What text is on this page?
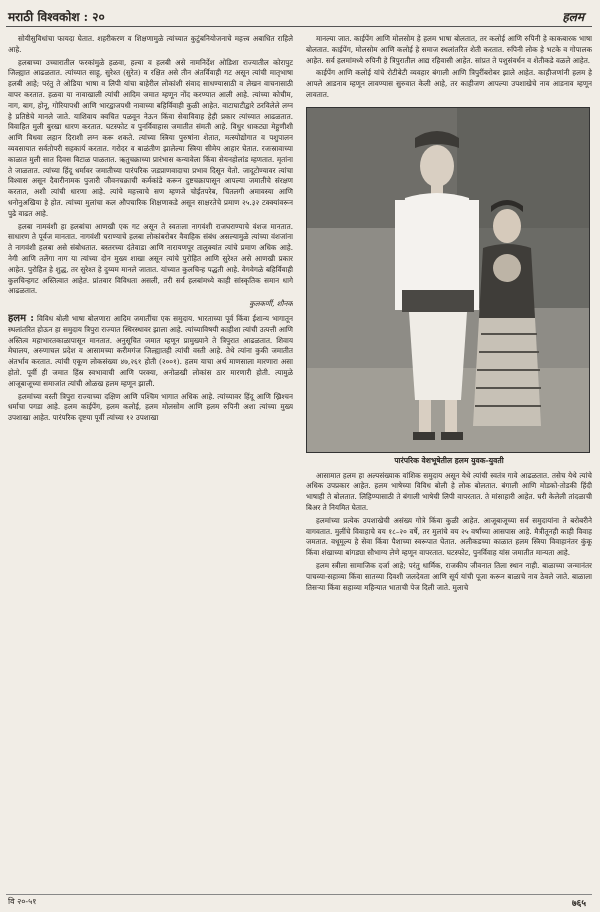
मराठी विश्वकोश : २०	हलम

सोयीसुविधांचा फायदा घेतात. शहरीकरण व शिक्षणामुळे त्यांच्यात कुटुंबनियोजनाचे महत्त्व अबाधित राहिले आहे.

हलबाच्या उच्चारातील फरकांमुळे हळवा, हल्वा व हलबी असे नामनिर्देश ओडिशा राज्यातील कोरापुट जिल्ह्यात आढळतात. त्यांच्यात साहू, सुरेश्त (सुरेत) व रक्षित असे तीन अंतर्विवाही गट असून त्यांची मातृभाषा हलबी आहे; परंतु ते ओडिया भाषा व लिपी यांचा बाहेरील लोकांशी संवाद साधण्यासाठी व लेखन वाचनासाठी वापर करतात. हळवा या नावाखाली त्यांची आदिम जमात म्हणून नोंद करण्यात आली आहे. त्यांच्या कोचीम, नाग, बाग, होनू, गोरियापधी आणि भारद्वाजपधी नावाच्या बहिर्विवाही कुळी आहेत. वाटाघाटीद्वारे ठरविलेले लग्न हे प्रतिष्ठेचे मानले जाते. याशिवाय क्वचित पळवून नेऊन किंवा सेवाविवाह हेही प्रकार त्यांच्यात आढळतात. विवाहित मुली बुरखा धारण करतात. घटस्फोट व पुनर्विवाहास जमातीत संमती आहे. विधुर धाकट्या मेहुणीशी आणि विधवा लहान दिराशी लग्न करू शकते. त्यांच्या स्त्रिया पुरुषांना शेतात, मत्स्योद्योगात व पशुपालन व्यवसायात सर्वतोपरी सहकार्य करतात. गरोदर व बाळंतीण झालेल्या स्त्रिया सीमेय आहार घेतात. रजःस्रावाच्या काळात मुली सात दिवस विटाळ पाळतात. ऋतुचक्राच्या प्रारंभास कन्यावेला किंवा सेयनहोलांड म्हणतात. मृतांना ते जाळतात. त्यांच्या हिंदू धर्मावर जमातीच्या पारंपरिक जडप्राणवादाचा प्रभाव दिसून येतो. जादूटोण्यावर त्यांचा विश्वास असून दैवारीनामक पुजारी जीवनचक्राची कर्मकांडे करून दुष्टचक्रापासून आपल्या जमातीचे संरक्षण करतात, अशी त्यांची धारणा आहे. त्यांचे महत्त्वाचे सण म्हणजे चोईतपरेब, चितलगी अमावस्या आणि धनोनुअखिया हे होत. त्यांच्या मुलांचा कल औपचारिक शिक्षणाकडे असून साक्षरतेचे प्रमाण २५.३२ टक्क्यांवरून पुढे वाढत आहे.

हलबा नामवंशी हा हलबांचा आणखी एक गट असून ते स्वतःला नागवंशी राजघराण्याचे वंशज मानतात. साधारण ते पूर्वज मानतात. नागवंशी घराण्याचे हलबा लोकांबरोबर वैवाहिक संबंध असल्यामुळे त्यांच्या वंशजांना ते नागवंशी हलबा असे संबोधतात. बस्तरच्या दंतेवाडा आणि नारायणपूर तालुक्यांत त्यांचे प्रमाण अधिक आहे. नेगी आणि तलेंगा नाग या त्यांच्या दोन मुख्य शाखा असून त्यांचे पुरोहित आणि सुरेश्त असे आणखी प्रकार आहेत. पुरोहित हे शुद्ध, तर सुरेश्त हे दुय्यम मानले जातात. यांच्यात कुलचिन्ह पद्धती आहे. वेगवेगळे बहिर्विवाही कुलचिन्हगट अस्तित्वात आहेत. प्रांतवार विविधता असली, तरी सर्व हलबांमध्ये काही सांस्कृतिक समान धागे आढळतात.

कुलकर्णी, शौनक

हलम : विविध बोली भाषा बोलणारा आदिम जमातींचा एक समुदाय. भारताच्या पूर्व किंवा ईशान्य भागातून स्थलांतरित होऊन हा समुदाय त्रिपुरा राज्यात स्थिरस्थावर झाला आहे. त्यांच्याविषयी काहीशा त्यांची उत्पत्ती आणि अस्तित्व महाभारतकाळापासून मानतात. अनुसूचित जमात म्हणून प्रामुख्याने ते त्रिपुरात आढळतात. शिवाय मेघालय, अरुणाचल प्रदेश व आसामच्या करीमगंज जिल्ह्यातही त्यांची वस्ती आहे. तेथे त्यांना कुकी जमातीत अंतर्भाव करतात. त्यांची एकूण लोकसंख्या ४७,२६१ होती (२००१). हलम याचा अर्थ माणसाला मारणारा असा होतो. पूर्वी ही जमात हिंस्र स्वभावाची आणि परक्या, अनोळखी लोकांस ठार मारणारी होती. त्यामुळे आजूबाजूच्या समाजांत त्यांची ओळख हलम म्हणून झाली.

हलमांच्या वस्ती त्रिपुरा राज्याच्या दक्षिण आणि पश्चिम भागात अधिक आहे. त्यांच्यावर हिंदू आणि ख्रिश्चन धर्माचा पगडा आहे. हलम काईपेंग, हलम कलोई, हलम मोलसोम आणि हलम रुपिनी अशा त्यांच्या मुख्य उपशाखा आहेत. पारंपरिक दृष्टया पूर्वी त्यांच्या १२ उपशाखा

मानल्या जात. काईपेंग आणि मोलसोम हे हलम भाषा बोलतात, तर कलोई आणि रुपिनी हे काकबारक भाषा बोलतात. काईपेंग, मोलसोम आणि कलोई हे समाज स्थलांतरित शेती करतात. रुपिनी लोक हे भटके व गोपालक आहेत. सर्व हलमांमध्ये रुपिनी हे त्रिपुरातील आद्य रहिवासी आहेत. सांप्रत ते पशुसंवर्धन व शेतीकडे वळले आहेत.

काईपेंग आणि कलोई यांचे रोटीबेटी व्यवहार बंगाली आणि त्रिपुरींबरोबर झाले आहेत. काहीजणांनी हलम हे आपले आडनाव म्हणून लावण्यास सुरुवात केली आहे, तर काहीजण आपल्या उपशाखेचे नाव आडनाव म्हणून लावतात.

पारंपरिक वेशभूषेतील हलम युवक-युवती

आसामात हलम हा अल्पसंख्याक वांशिक समुदाय असून येथे त्यांची स्वतंत्र गावे आढळतात. तसेच येथे त्यांचे अधिक उपप्रकार आहेत. हलम भाषेच्या विविध बोली हे लोक बोलतात. बंगाली आणि मोडको-तोडकी हिंदी भाषाही ते बोलतात. लिहिण्यासाठी ते बंगाली भाषेची लिपी वापरतात. ते मांसाहारी आहेत. घरी केलेली तांदळाची बिअर ते नियमित घेतात.

हलमांच्या प्रत्येक उपशाखेची असंख्य गोत्रे किंवा कुळी आहेत. आजूबाजूच्या सर्व समुदायांना ते बरोबरीने वागवतात. मुलींचे विवाहाचे वय १८–२० वर्षे, तर मुलांचे वय २५ वर्षांच्या आसपास आहे. मैत्रीतूनही काही विवाह जमतात. वधूमूल्य हे सेवा किंवा पैशाच्या स्वरूपात घेतात. अलीकडच्या काळात हलम स्त्रिया विवाहानंतर कुंकू किंवा शंखाच्या बांगड्या सौभाग्य लेणे म्हणून वापरतात. घटस्फोट, पुनर्विवाह यांस जमातीत मान्यता आहे.

हलम स्त्रीला सामाजिक दर्जा आहे; परंतु धार्मिक, राजकीय जीवनात तिला स्थान नाही. बाळाच्या जन्मानंतर पाचव्या-सहाव्या किंवा सातव्या दिवशी जलदेवता आणि सूर्य यांची पूजा करून बाळाचे नाव ठेवले जाते. बाळाला तिसऱ्या किंवा सहाव्या महिन्यात भाताची पेज दिली जाते. मुलाचे

वि २०-५१	७६५
